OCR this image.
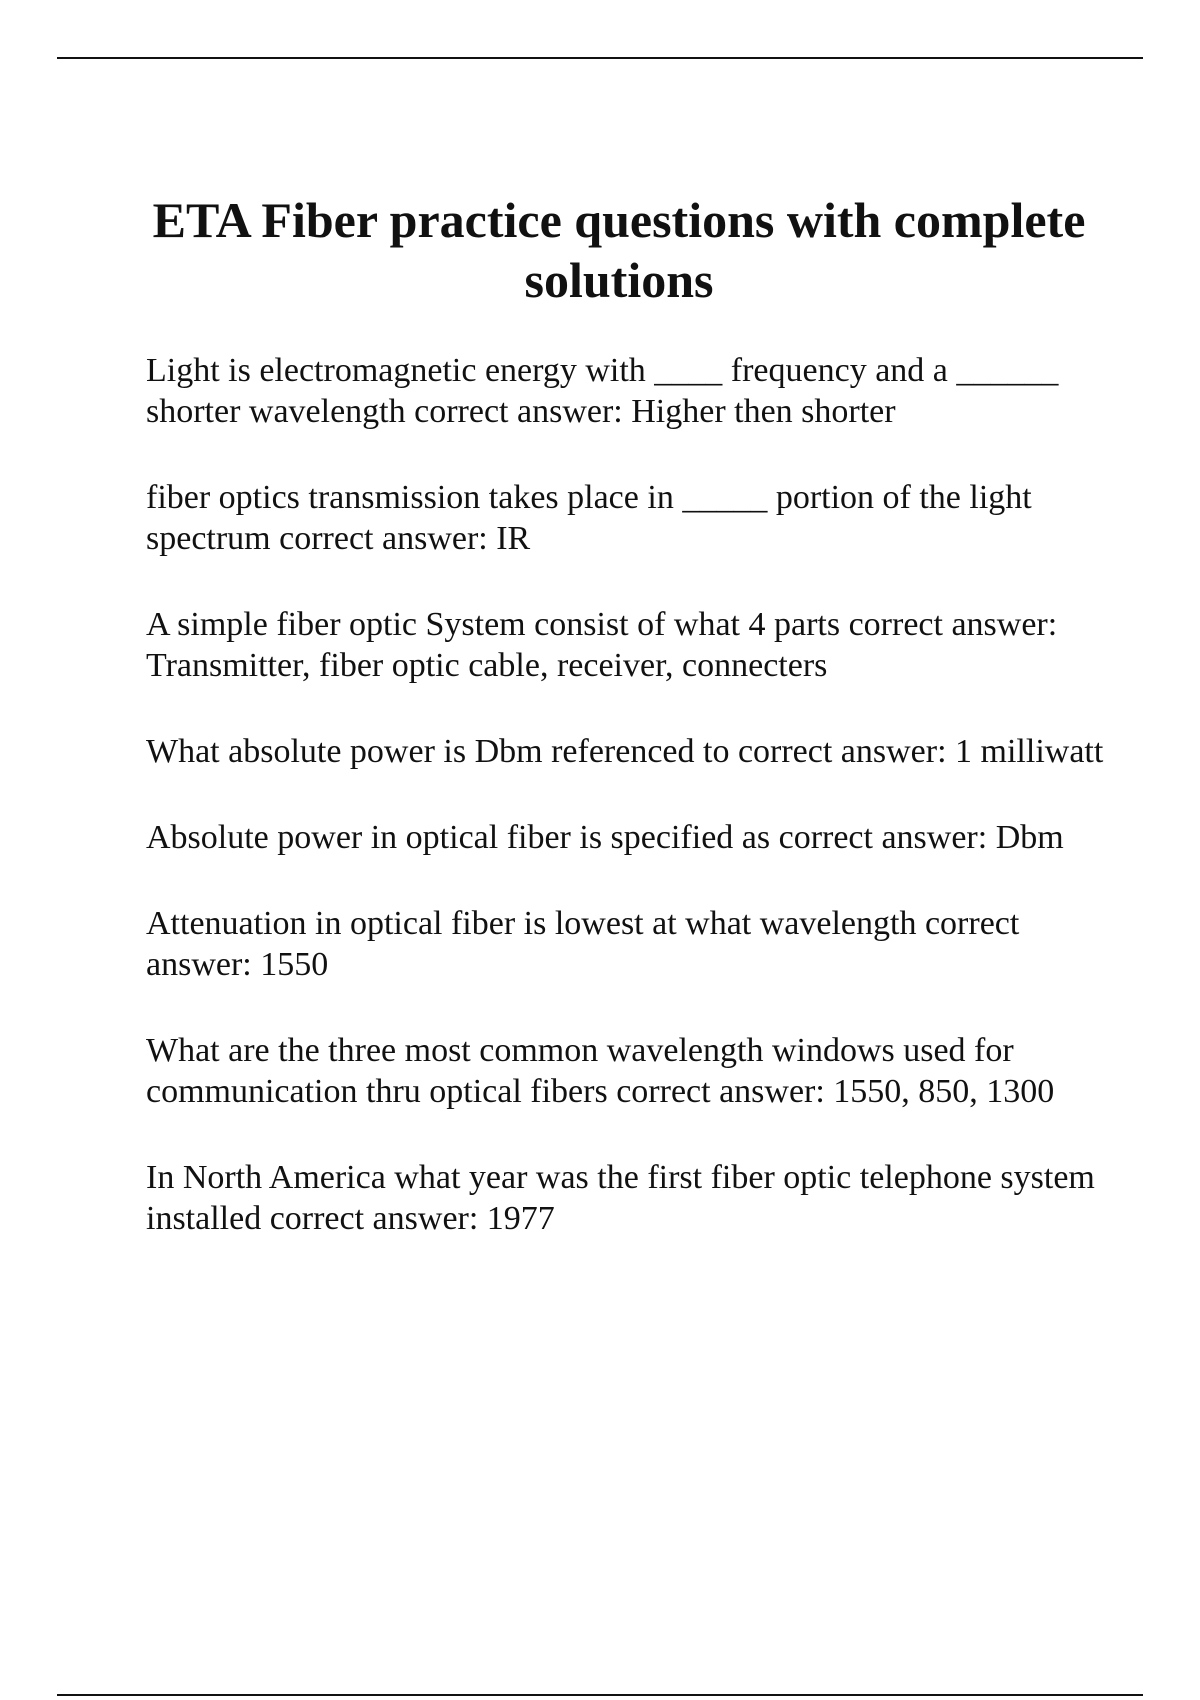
ETA Fiber practice questions with complete solutions
Light is electromagnetic energy with ____ frequency and a ______ shorter wavelength correct answer: Higher then shorter
fiber optics transmission takes place in _____ portion of the light spectrum correct answer: IR
A simple fiber optic System consist of what 4 parts correct answer: Transmitter, fiber optic cable, receiver, connecters
What absolute power is Dbm referenced to correct answer: 1 milliwatt
Absolute power in optical fiber is specified as correct answer: Dbm
Attenuation in optical fiber is lowest at what wavelength correct answer: 1550
What are the three most common wavelength windows used for communication thru optical fibers correct answer: 1550, 850, 1300
In North America what year was the first fiber optic telephone system installed correct answer: 1977
